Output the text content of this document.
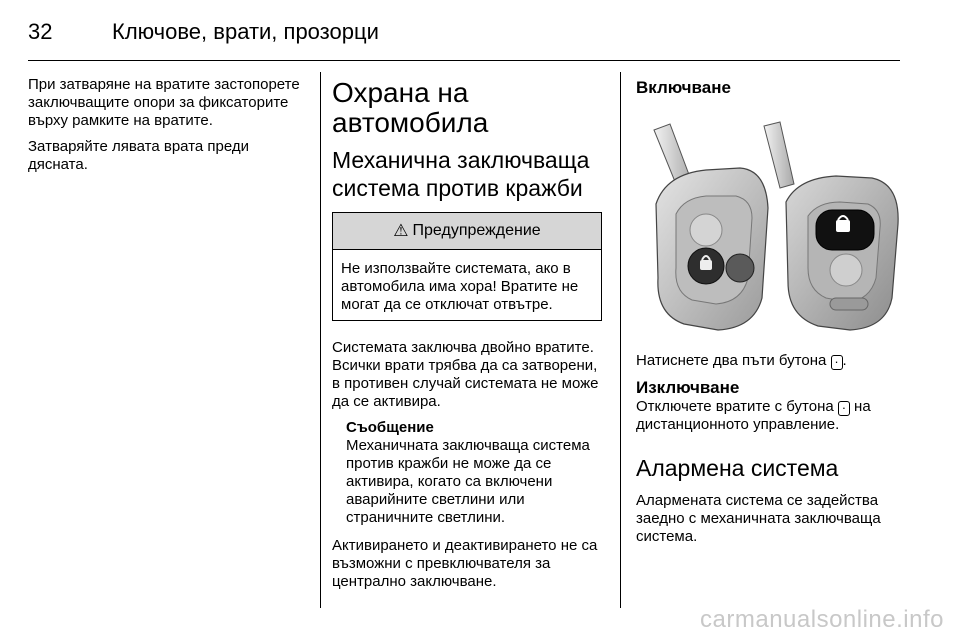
32	Ключове, врати, прозорци

При затваряне на вратите застопорете заключващите опори за фиксаторите върху рамките на вратите.

Затваряйте лявата врата преди дясната.

Охрана на автомобила
Механична заключваща система против кражби
⚠ Предупреждение
Не използвайте системата, ако в автомобила има хора! Вратите не могат да се отключат отвътре.

Системата заключва двойно вратите. Всички врати трябва да са затворени, в противен случай системата не може да се активира.

Съобщение
Механичната заключваща система против кражби не може да се активира, когато са включени аварийните светлини или страничните светлини.

Активирането и деактивирането не са възможни с превключвателя за централно заключване.

Включване

Натиснете два пъти бутона · .

Изключване

Отключете вратите с бутона · на дистанционното управление.

Алармена система

Алармената система се задейства заедно с механичната заключваща система.

carmanualsonline.info
